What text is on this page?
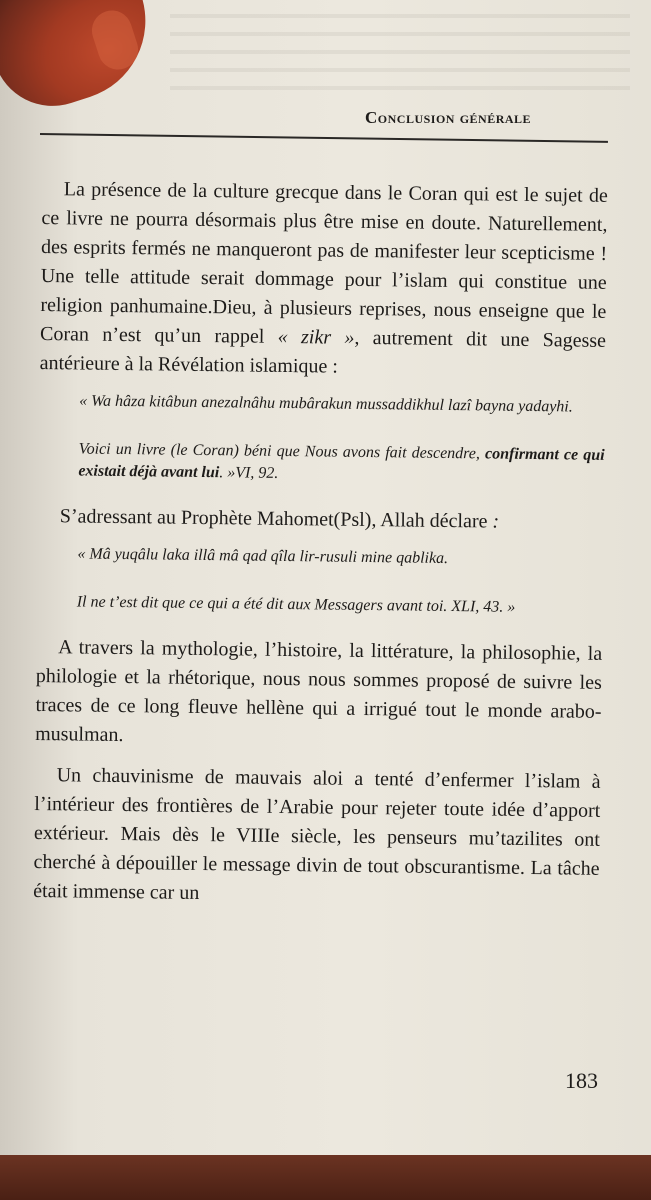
Conclusion générale

La présence de la culture grecque dans le Coran qui est le sujet de ce livre ne pourra désormais plus être mise en doute. Naturellement, des esprits fermés ne manqueront pas de manifester leur scepticisme ! Une telle attitude serait dommage pour l’islam qui constitue une religion panhumaine.Dieu, à plusieurs reprises, nous enseigne que le Coran n’est qu’un rappel « zikr », autrement dit une Sagesse antérieure à la Révélation islamique :

« Wa hâza kitâbun anezalnâhu mubârakun mussaddikhul lazî bayna yadayhi.

Voici un livre (le Coran) béni que Nous avons fait descendre, confirmant ce qui existait déjà avant lui. »VI, 92.

S’adressant au Prophète Mahomet(Psl), Allah déclare :

« Mâ yuqâlu laka illâ mâ qad qîla lir-rusuli mine qablika.

Il ne t’est dit que ce qui a été dit aux Messagers avant toi. XLI, 43. »

A travers la mythologie, l’histoire, la littérature, la philosophie, la philologie et la rhétorique, nous nous sommes proposé de suivre les traces de ce long fleuve hellène qui a irrigué tout le monde arabo-musulman.

Un chauvinisme de mauvais aloi a tenté d’enfermer l’islam à l’intérieur des frontières de l’Arabie pour rejeter toute idée d’apport extérieur. Mais dès le VIIIe siècle, les penseurs mu’tazilites ont cherché à dépouiller le message divin de tout obscurantisme. La tâche était immense car un

183
